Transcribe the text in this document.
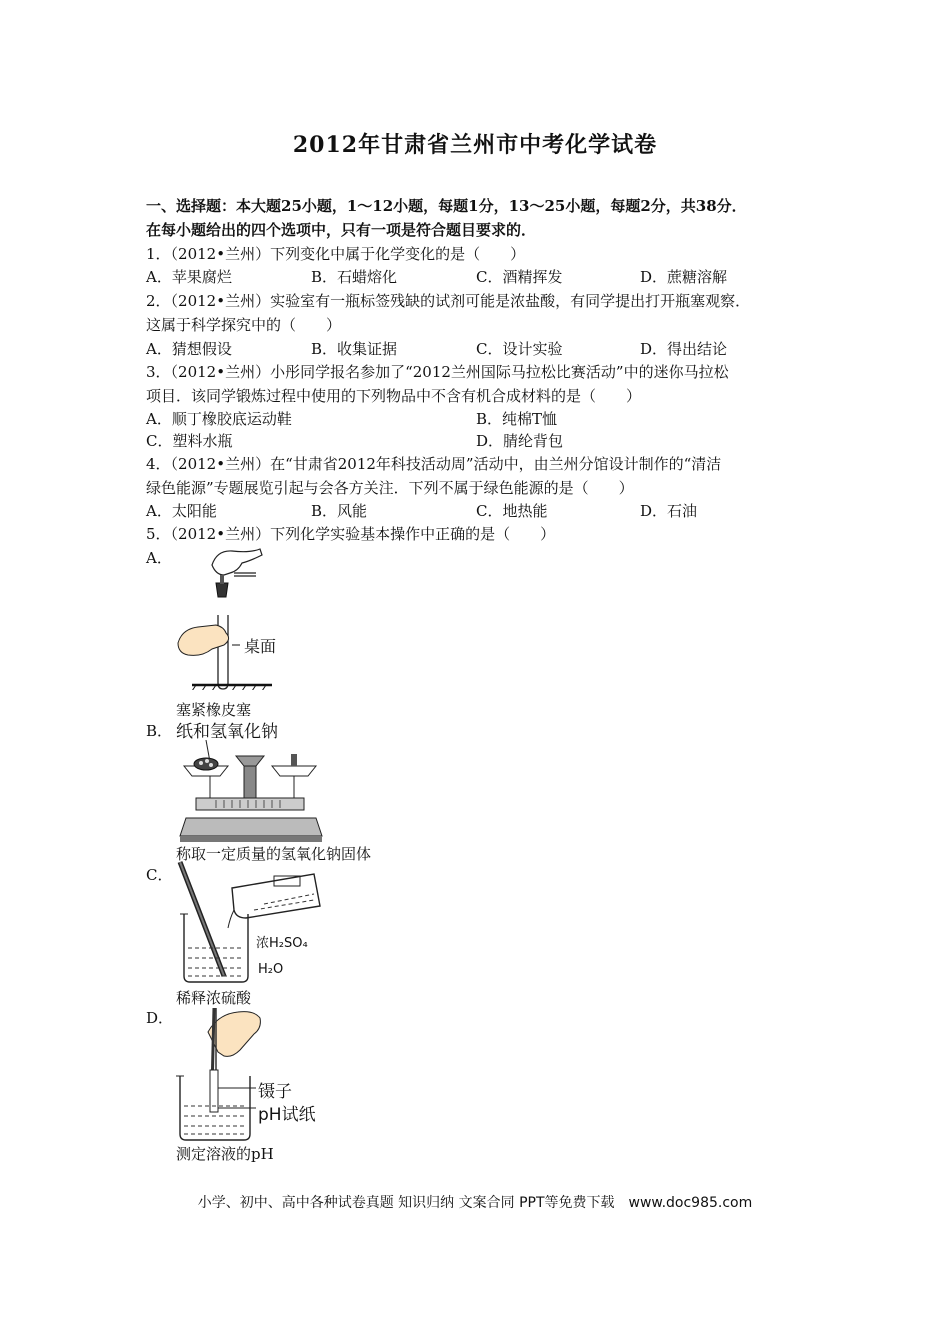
2012年甘肃省兰州市中考化学试卷
一、选择题：本大题25小题，1～12小题，每题1分，13～25小题，每题2分，共38分．
在每小题给出的四个选项中，只有一项是符合题目要求的．
1．（2012•兰州）下列变化中属于化学变化的是（　　）
A．苹果腐烂	B．石蜡熔化	C．酒精挥发	D．蔗糖溶解
2．（2012•兰州）实验室有一瓶标签残缺的试剂可能是浓盐酸，有同学提出打开瓶塞观察．
这属于科学探究中的（　　）
A．猜想假设	B．收集证据	C．设计实验	D．得出结论
3．（2012•兰州）小彤同学报名参加了“2012兰州国际马拉松比赛活动”中的迷你马拉松
项目．该同学锻炼过程中使用的下列物品中不含有机合成材料的是（　　）
A．顺丁橡胶底运动鞋	B．纯棉T恤
C．塑料水瓶	D．腈纶背包
4．（2012•兰州）在“甘肃省2012年科技活动周”活动中，由兰州分馆设计制作的“清洁
绿色能源”专题展览引起与会各方关注．下列不属于绿色能源的是（　　）
A．太阳能	B．风能	C．地热能	D．石油
5．（2012•兰州）下列化学实验基本操作中正确的是（　　）
A．
桌面
塞紧橡皮塞
B． 纸和氢氧化钠
称取一定质量的氢氧化钠固体
C．
浓H₂SO₄
H₂O
稀释浓硫酸
D．
镊子
pH试纸
测定溶液的pH
小学、初中、高中各种试卷真题 知识归纳 文案合同 PPT等免费下载　www.doc985.com
